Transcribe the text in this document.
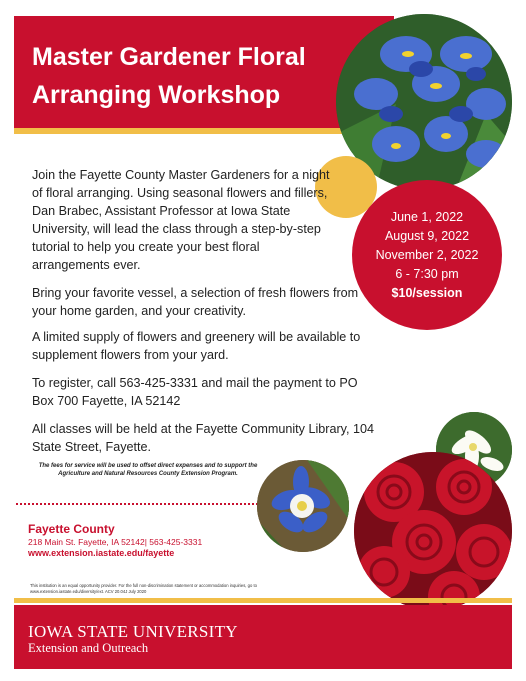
Master Gardener Floral Arranging Workshop
June 1, 2022
August 9, 2022
November 2, 2022
6 - 7:30 pm
$10/session
Join the Fayette County Master Gardeners for a night of floral arranging. Using seasonal flowers and fillers, Dan Brabec, Assistant Professor at Iowa State University, will lead the class through a step-by-step tutorial to help you create your best floral arrangements ever.
Bring your favorite vessel, a selection of fresh flowers from your home garden, and your creativity.
A limited supply of flowers and greenery will be available to supplement flowers from your yard.
To register, call 563-425-3331 and mail the payment to PO Box 700 Fayette, IA 52142
All classes will be held at the Fayette Community Library, 104 State Street, Fayette.
The fees for service will be used to offset direct expenses and to support the Agriculture and Natural Resources County Extension Program.
Fayette County
218 Main St. Fayette, IA 52142| 563-425-3331
www.extension.iastate.edu/fayette
This institution is an equal opportunity provider. For the full non-discrimination statement or accommodation inquiries, go to www.extension.iastate.edu/diversity/ext. ACV 20.04J July 2020
IOWA STATE UNIVERSITY
Extension and Outreach
